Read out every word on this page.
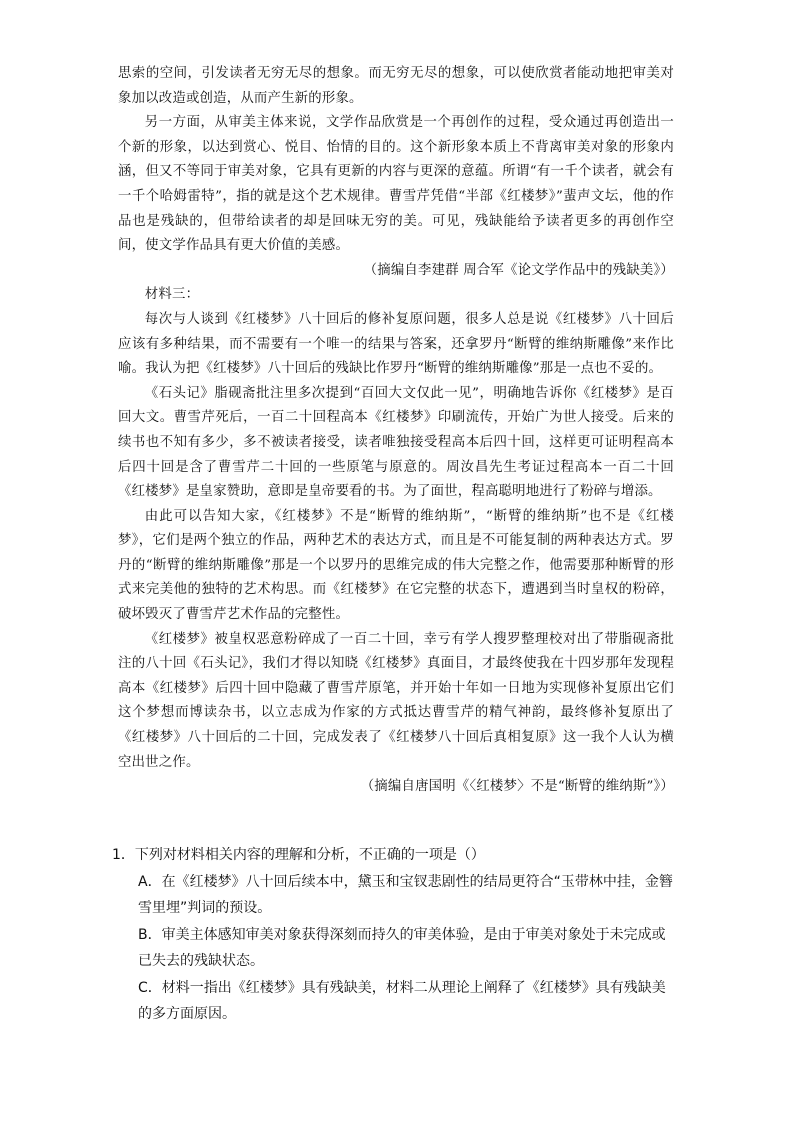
思索的空间，引发读者无穷无尽的想象。而无穷无尽的想象，可以使欣赏者能动地把审美对象加以改造或创造，从而产生新的形象。

另一方面，从审美主体来说，文学作品欣赏是一个再创作的过程，受众通过再创造出一个新的形象，以达到赏心、悦目、怡情的目的。这个新形象本质上不背离审美对象的形象内涵，但又不等同于审美对象，它具有更新的内容与更深的意蕴。所谓“有一千个读者，就会有一千个哈姆雷特”，指的就是这个艺术规律。曹雪芹凭借“半部《红楼梦》”蜚声文坛，他的作品也是残缺的，但带给读者的却是回味无穷的美。可见，残缺能给予读者更多的再创作空间，使文学作品具有更大价值的美感。

（摘编自李建群 周合军《论文学作品中的残缺美》）

材料三：

每次与人谈到《红楼梦》八十回后的修补复原问题，很多人总是说《红楼梦》八十回后应该有多种结果，而不需要有一个唯一的结果与答案，还拿罗丹“断臂的维纳斯雕像”来作比喻。我认为把《红楼梦》八十回后的残缺比作罗丹“断臂的维纳斯雕像”那是一点也不妥的。

《石头记》脂砚斋批注里多次提到“百回大文仅此一见”，明确地告诉你《红楼梦》是百回大文。曹雪芹死后，一百二十回程高本《红楼梦》印刷流传，开始广为世人接受。后来的续书也不知有多少，多不被读者接受，读者唯独接受程高本后四十回，这样更可证明程高本后四十回是含了曹雪芹二十回的一些原笔与原意的。周汝昌先生考证过程高本一百二十回《红楼梦》是皇家赞助，意即是皇帝要看的书。为了面世，程高聪明地进行了粉碎与增添。

由此可以告知大家，《红楼梦》不是“断臂的维纳斯”，“断臂的维纳斯”也不是《红楼梦》，它们是两个独立的作品，两种艺术的表达方式，而且是不可能复制的两种表达方式。罗丹的“断臂的维纳斯雕像”那是一个以罗丹的思维完成的伟大完整之作，他需要那种断臂的形式来完美他的独特的艺术构思。而《红楼梦》在它完整的状态下，遭遇到当时皇权的粉碎，破坏毁灭了曹雪芹艺术作品的完整性。

《红楼梦》被皇权恶意粉碎成了一百二十回，幸亏有学人搜罗整理校对出了带脂砚斋批注的八十回《石头记》，我们才得以知晓《红楼梦》真面目，才最终使我在十四岁那年发现程高本《红楼梦》后四十回中隐藏了曹雪芹原笔，并开始十年如一日地为实现修补复原出它们这个梦想而博读杂书，以立志成为作家的方式抵达曹雪芹的精气神韵，最终修补复原出了《红楼梦》八十回后的二十回，完成发表了《红楼梦八十回后真相复原》这一我个人认为横空出世之作。

（摘编自唐国明《〈红楼梦〉不是“断臂的维纳斯”》）

1．下列对材料相关内容的理解和分析，不正确的一项是（）

A．在《红楼梦》八十回后续本中，黛玉和宝钗悲剧性的结局更符合“玉带林中挂，金簪雪里埋”判词的预设。

B．审美主体感知审美对象获得深刻而持久的审美体验，是由于审美对象处于未完成或已失去的残缺状态。

C．材料一指出《红楼梦》具有残缺美，材料二从理论上阐释了《红楼梦》具有残缺美的多方面原因。
